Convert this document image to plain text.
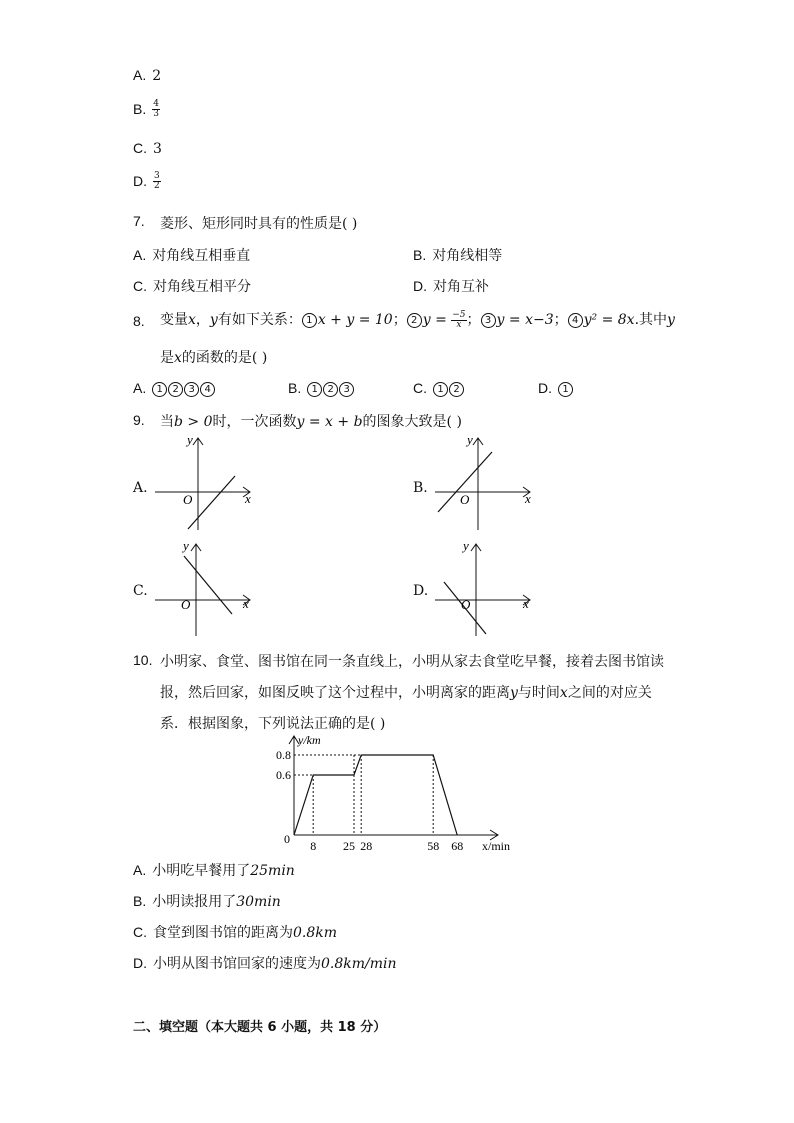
A. 2
B. $\frac{4}{3}$
C. 3
D. $\frac{3}{2}$
7. 菱形、矩形同时具有的性质是( )
A. 对角线互相垂直	B. 对角线相等
C. 对角线互相平分	D. 对角互补
8. 变量x，y有如下关系： 1 x + y = 10； 2 $y = \frac{-5}{x}$ ； 3 y = x−3； 4 y² = 8x.其中y
是x的函数的是( )
A. 1 2 3 4	B. 1 2 3	C. 1 2	D. 1
9. 当b > 0时，一次函数y = x + b的图象大致是( )
A.
y
x
O
B.
y
x
O
C.
y
x
O
D.
y
x
O
10. 小明家、食堂、图书馆在同一条直线上，小明从家去食堂吃早餐，接着去图书馆读
报，然后回家，如图反映了这个过程中，小明离家的距离y与时间x之间的对应关
系．根据图象，下列说法正确的是( )
8 25 28	58 68
0.6
0.8
0
y/km
x/min
A. 小明吃早餐用了25min
B. 小明读报用了30min
C. 食堂到图书馆的距离为0.8km
D. 小明从图书馆回家的速度为0.8km/min
二、填空题（本大题共 6 小题，共 18 分）
